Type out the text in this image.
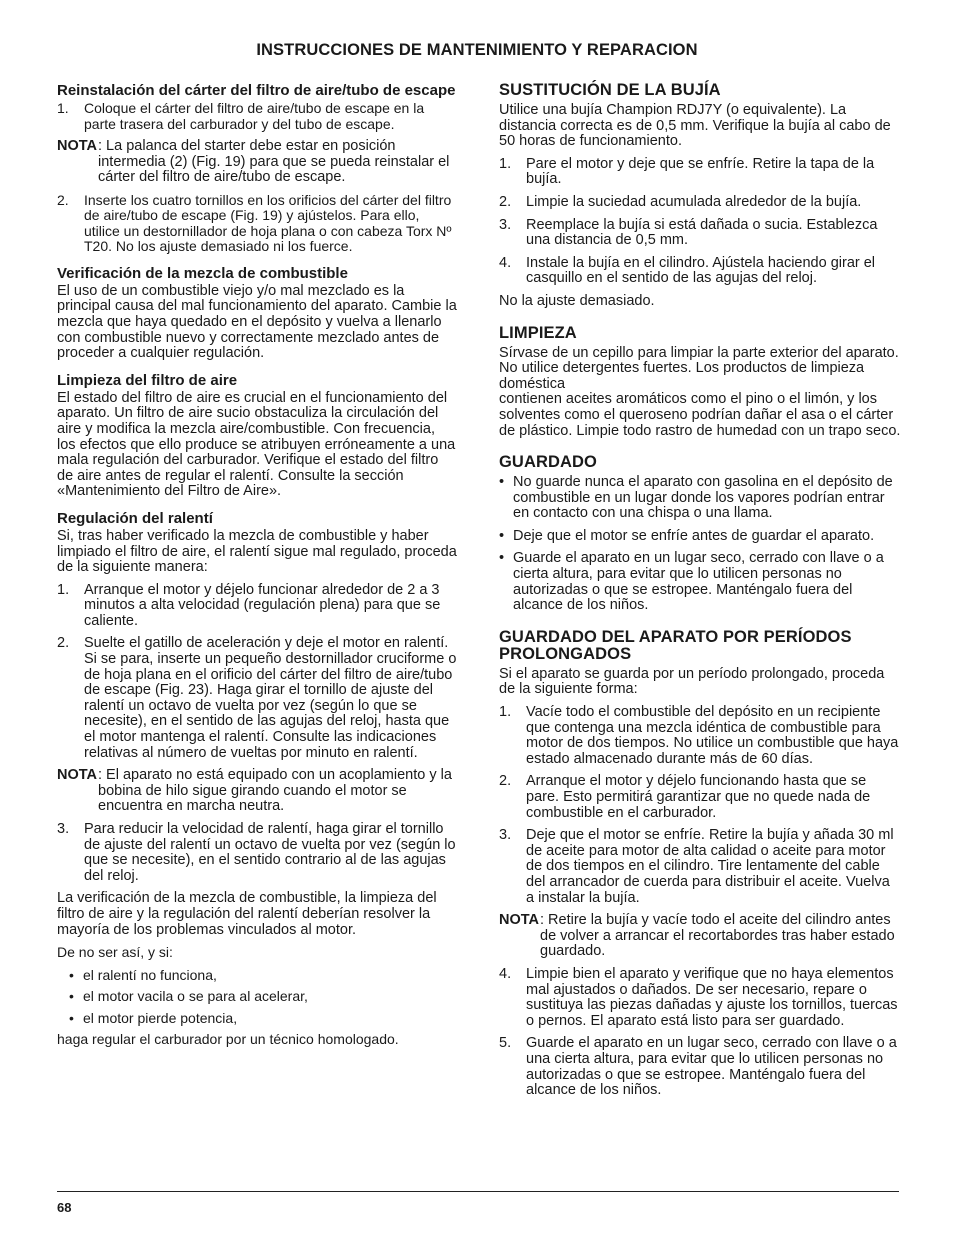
INSTRUCCIONES DE MANTENIMIENTO Y REPARACION
Reinstalación del cárter del filtro de aire/tubo de escape
1.	Coloque el cárter del filtro de aire/tubo de escape en la parte trasera del carburador y del tubo de escape.
NOTA : La palanca del starter debe estar en posición intermedia (2) (Fig. 19) para que se pueda reinstalar el cárter del filtro de aire/tubo de escape.
2.	Inserte los cuatro tornillos en los orificios del cárter del filtro de aire/tubo de escape (Fig. 19) y ajústelos. Para ello, utilice un destornillador de hoja plana o con cabeza Torx Nº T20. No los ajuste demasiado ni los fuerce.
Verificación de la mezcla de combustible
El uso de un combustible viejo y/o mal mezclado es la principal causa del mal funcionamiento del aparato. Cambie la mezcla que haya quedado en el depósito y vuelva a llenarlo con combustible nuevo y correctamente mezclado antes de proceder a cualquier regulación.
Limpieza del filtro de aire
El estado del filtro de aire es crucial en el funcionamiento del aparato. Un filtro de aire sucio obstaculiza la circulación del aire y modifica la mezcla aire/combustible. Con frecuencia, los efectos que ello produce se atribuyen erróneamente a una mala regulación del carburador. Verifique el estado del filtro de aire antes de regular el ralentí. Consulte la sección «Mantenimiento del Filtro de Aire».
Regulación del ralentí
Si, tras haber verificado la mezcla de combustible y haber limpiado el filtro de aire, el ralentí sigue mal regulado, proceda de la siguiente manera:
1.	Arranque el motor y déjelo funcionar alrededor de 2 a 3 minutos a alta velocidad (regulación plena) para que se caliente.
2.	Suelte el gatillo de aceleración y deje el motor en ralentí. Si se para, inserte un pequeño destornillador cruciforme o de hoja plana en el orificio del cárter del filtro de aire/tubo de escape (Fig. 23). Haga girar el tornillo de ajuste del ralentí un octavo de vuelta por vez (según lo que se necesite), en el sentido de las agujas del reloj, hasta que el motor mantenga el ralentí. Consulte las indicaciones relativas al número de vueltas por minuto en ralentí.
NOTA : El aparato no está equipado con un acoplamiento y la bobina de hilo sigue girando cuando el motor se encuentra en marcha neutra.
3.	Para reducir la velocidad de ralentí, haga girar el tornillo de ajuste del ralentí un octavo de vuelta por vez (según lo que se necesite), en el sentido contrario al de las agujas del reloj.
La verificación de la mezcla de combustible, la limpieza del filtro de aire y la regulación del ralentí deberían resolver la mayoría de los problemas vinculados al motor.
De no ser así, y si:
• el ralentí no funciona,
• el motor vacila o se para al acelerar,
• el motor pierde potencia,
haga regular el carburador por un técnico homologado.
SUSTITUCIÓN DE LA BUJÍA
Utilice una bujía Champion RDJ7Y (o equivalente). La distancia correcta es de 0,5 mm. Verifique la bujía al cabo de 50 horas de funcionamiento.
1.	Pare el motor y deje que se enfríe. Retire la tapa de la bujía.
2.	Limpie la suciedad acumulada alrededor de la bujía.
3.	Reemplace la bujía si está dañada o sucia. Establezca una distancia de 0,5 mm.
4.	Instale la bujía en el cilindro. Ajústela haciendo girar el casquillo en el sentido de las agujas del reloj.
No la ajuste demasiado.
LIMPIEZA
Sírvase de un cepillo para limpiar la parte exterior del aparato. No utilice detergentes fuertes. Los productos de limpieza doméstica
contienen aceites aromáticos como el pino o el limón, y los solventes como el queroseno podrían dañar el asa o el cárter de plástico. Limpie todo rastro de humedad con un trapo seco.
GUARDADO
• No guarde nunca el aparato con gasolina en el depósito de combustible en un lugar donde los vapores podrían entrar en contacto con una chispa o una llama.
• Deje que el motor se enfríe antes de guardar el aparato.
• Guarde el aparato en un lugar seco, cerrado con llave o a cierta altura, para evitar que lo utilicen personas no autorizadas o que se estropee. Manténgalo fuera del alcance de los niños.
GUARDADO DEL APARATO POR PERÍODOS PROLONGADOS
Si el aparato se guarda por un período prolongado, proceda de la siguiente forma:
1.	Vacíe todo el combustible del depósito en un recipiente que contenga una mezcla idéntica de combustible para motor de dos tiempos. No utilice un combustible que haya estado almacenado durante más de 60 días.
2.	Arranque el motor y déjelo funcionando hasta que se pare. Esto permitirá garantizar que no quede nada de combustible en el carburador.
3.	Deje que el motor se enfríe. Retire la bujía y añada 30 ml de aceite para motor de alta calidad o aceite para motor de dos tiempos en el cilindro. Tire lentamente del cable del arrancador de cuerda para distribuir el aceite. Vuelva a instalar la bujía.
NOTA : Retire la bujía y vacíe todo el aceite del cilindro antes de volver a arrancar el recortabordes tras haber estado guardado.
4.	Limpie bien el aparato y verifique que no haya elementos mal ajustados o dañados. De ser necesario, repare o sustituya las piezas dañadas y ajuste los tornillos, tuercas o pernos. El aparato está listo para ser guardado.
5.	Guarde el aparato en un lugar seco, cerrado con llave o a una cierta altura, para evitar que lo utilicen personas no autorizadas o que se estropee. Manténgalo fuera del alcance de los niños.
68
